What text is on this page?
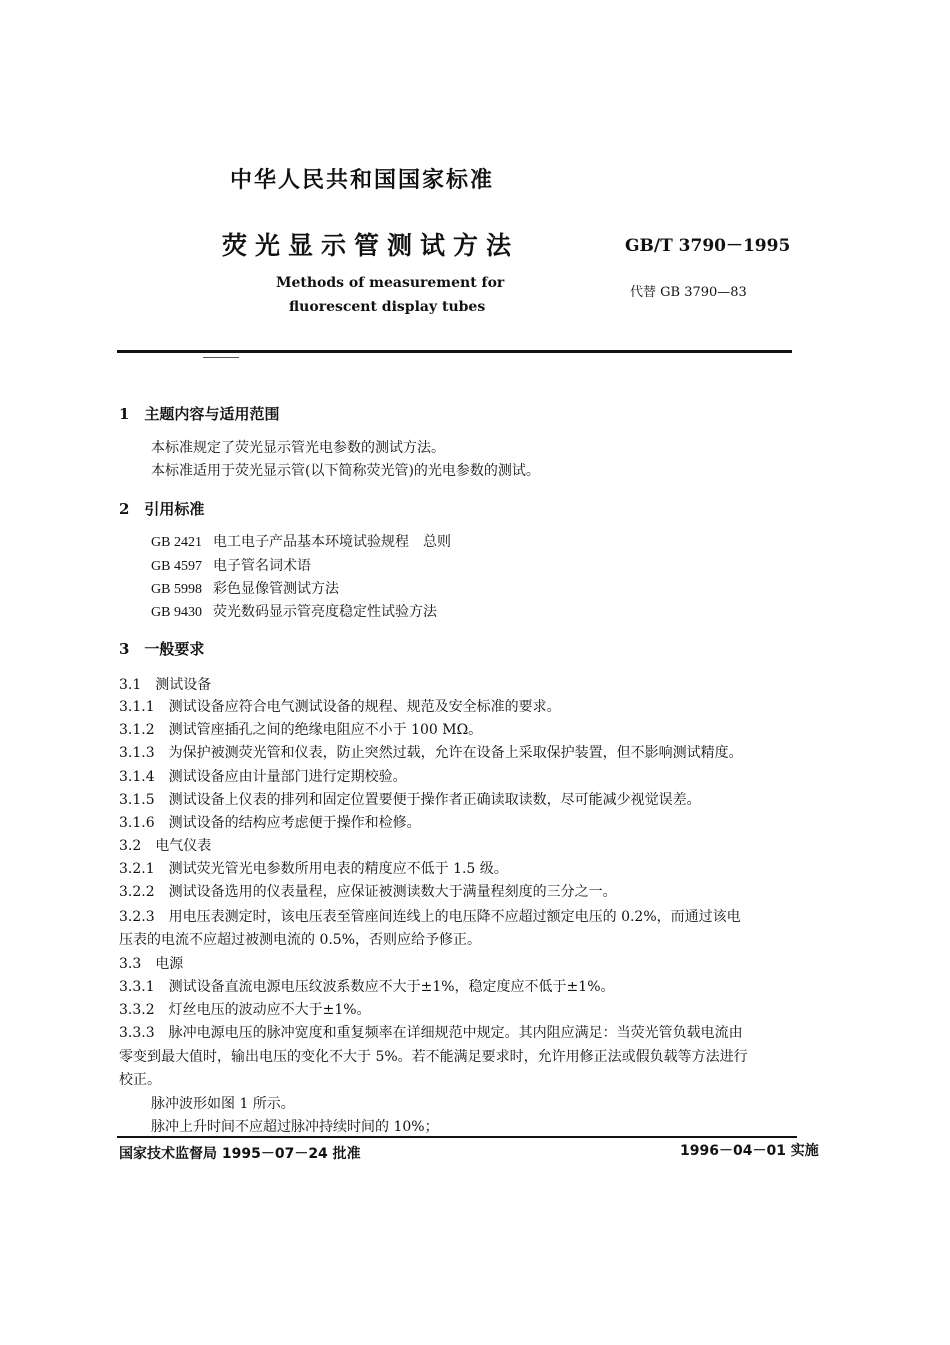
中华人民共和国国家标准
荧光显示管测试方法	GB/T 3790－1995
Methods of measurement for
fluorescent display tubes
代替 GB 3790—83
1　主题内容与适用范围
本标准规定了荧光显示管光电参数的测试方法。
本标准适用于荧光显示管(以下简称荧光管)的光电参数的测试。
2　引用标准
GB 2421 电工电子产品基本环境试验规程　总则
GB 4597 电子管名词术语
GB 5998 彩色显像管测试方法
GB 9430 荧光数码显示管亮度稳定性试验方法
3　一般要求
3.1　测试设备
3.1.1　测试设备应符合电气测试设备的规程、规范及安全标准的要求。
3.1.2　测试管座插孔之间的绝缘电阻应不小于 100 MΩ。
3.1.3　为保护被测荧光管和仪表，防止突然过载，允许在设备上采取保护装置，但不影响测试精度。
3.1.4　测试设备应由计量部门进行定期校验。
3.1.5　测试设备上仪表的排列和固定位置要便于操作者正确读取读数，尽可能减少视觉误差。
3.1.6　测试设备的结构应考虑便于操作和检修。
3.2　电气仪表
3.2.1　测试荧光管光电参数所用电表的精度应不低于 1.5 级。
3.2.2　测试设备选用的仪表量程，应保证被测读数大于满量程刻度的三分之一。
3.2.3　用电压表测定时，该电压表至管座间连线上的电压降不应超过额定电压的 0.2%，而通过该电
压表的电流不应超过被测电流的 0.5%，否则应给予修正。
3.3　电源
3.3.1　测试设备直流电源电压纹波系数应不大于±1%，稳定度应不低于±1%。
3.3.2　灯丝电压的波动应不大于±1%。
3.3.3　脉冲电源电压的脉冲宽度和重复频率在详细规范中规定。其内阻应满足：当荧光管负载电流由
零变到最大值时，输出电压的变化不大于 5%。若不能满足要求时，允许用修正法或假负载等方法进行
校正。
脉冲波形如图 1 所示。
脉冲上升时间不应超过脉冲持续时间的 10%；
国家技术监督局 1995－07－24 批准	1996－04－01 实施
